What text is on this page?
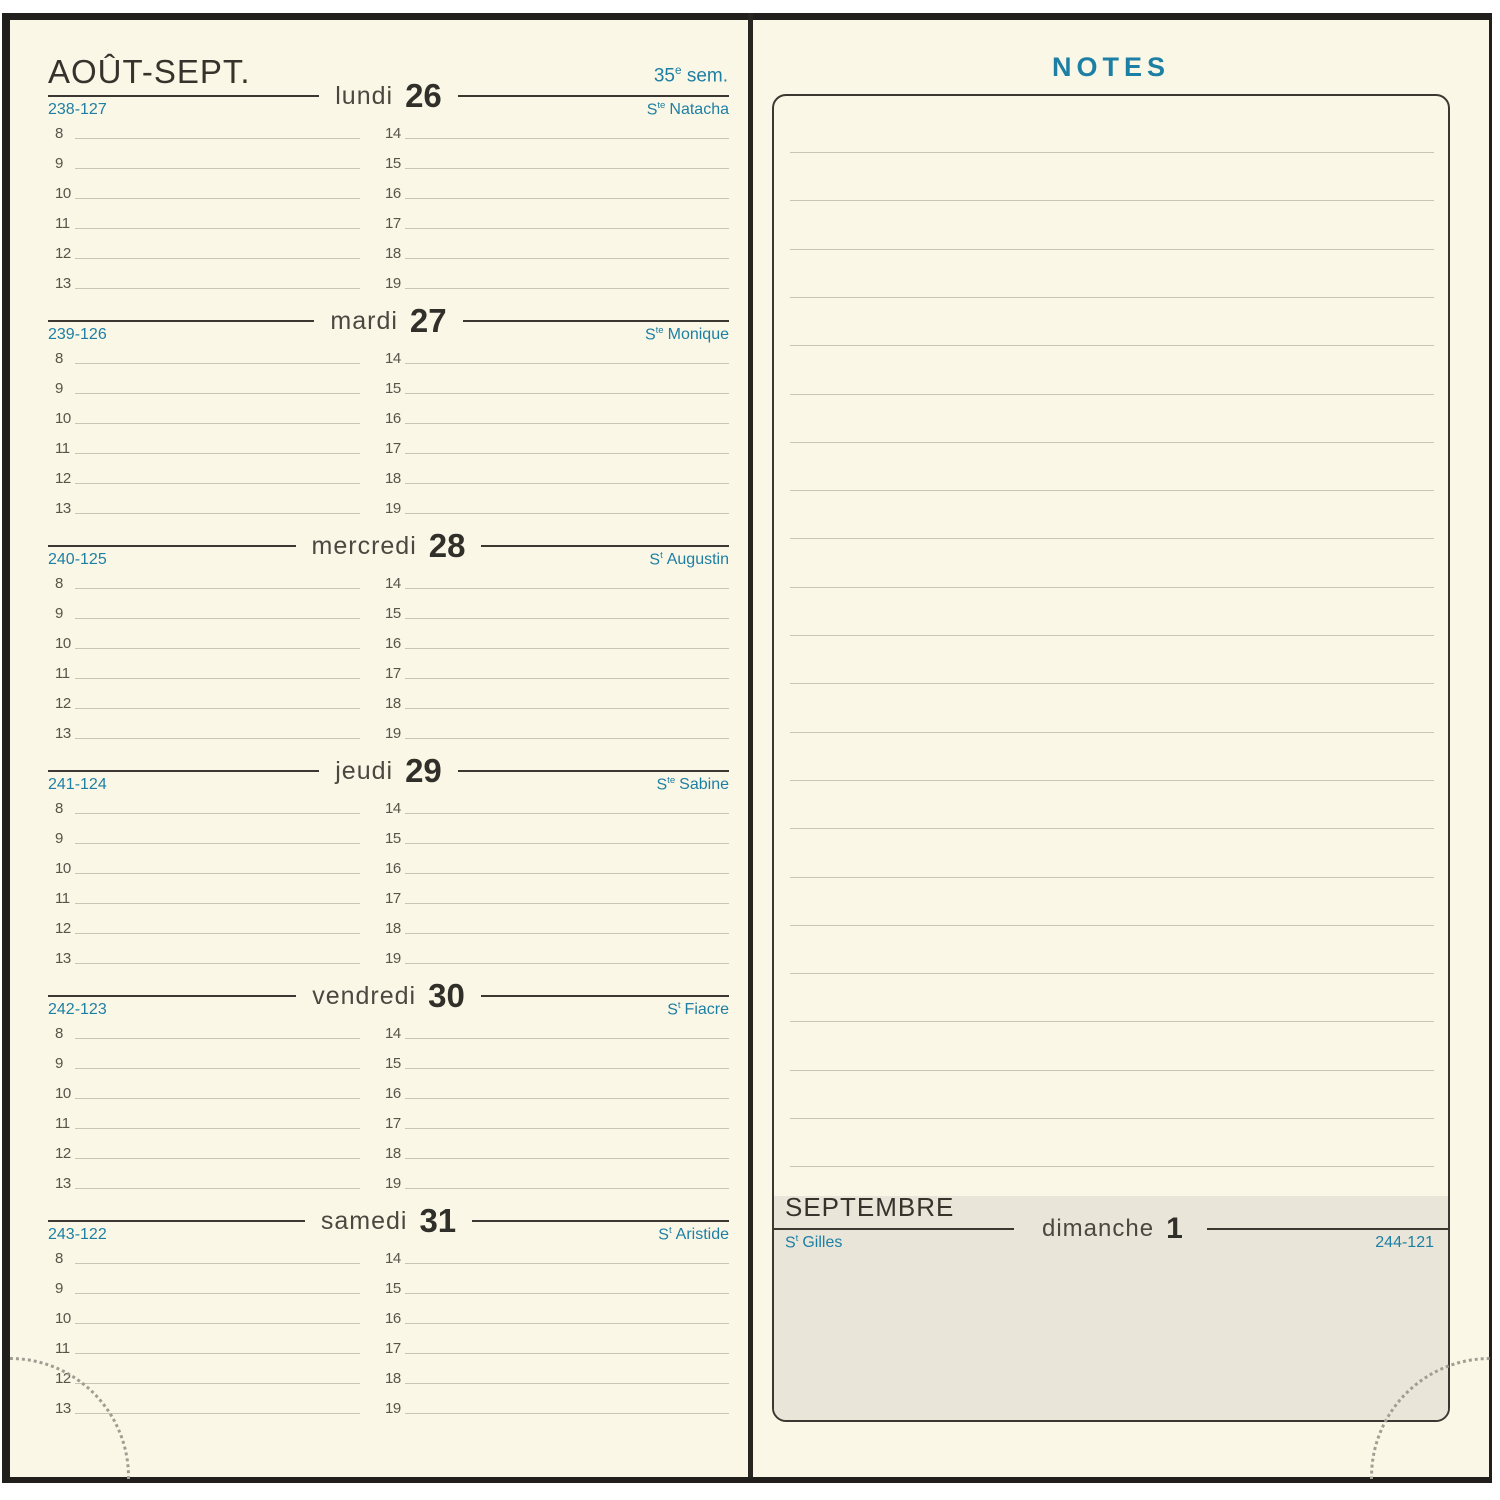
AOÛT-SEPT.	35e sem.
lundi 26
238-127	$S^{te}$ Natacha
8
9
10
11
12
13
14
15
16
17
18
19
mardi 27
239-126	$S^{te}$ Monique
8
9
10
11
12
13
14
15
16
17
18
19
mercredi 28
240-125	$S^t$ Augustin
8
9
10
11
12
13
14
15
16
17
18
19
jeudi 29
241-124	$S^{te}$ Sabine
8
9
10
11
12
13
14
15
16
17
18
19
vendredi 30
242-123	$S^t$ Fiacre
8
9
10
11
12
13
14
15
16
17
18
19
samedi 31
243-122	$S^t$ Aristide
8
9
10
11
12
13
14
15
16
17
18
19
NOTES
SEPTEMBRE
dimanche 1
$S^t$ Gilles	244-121
